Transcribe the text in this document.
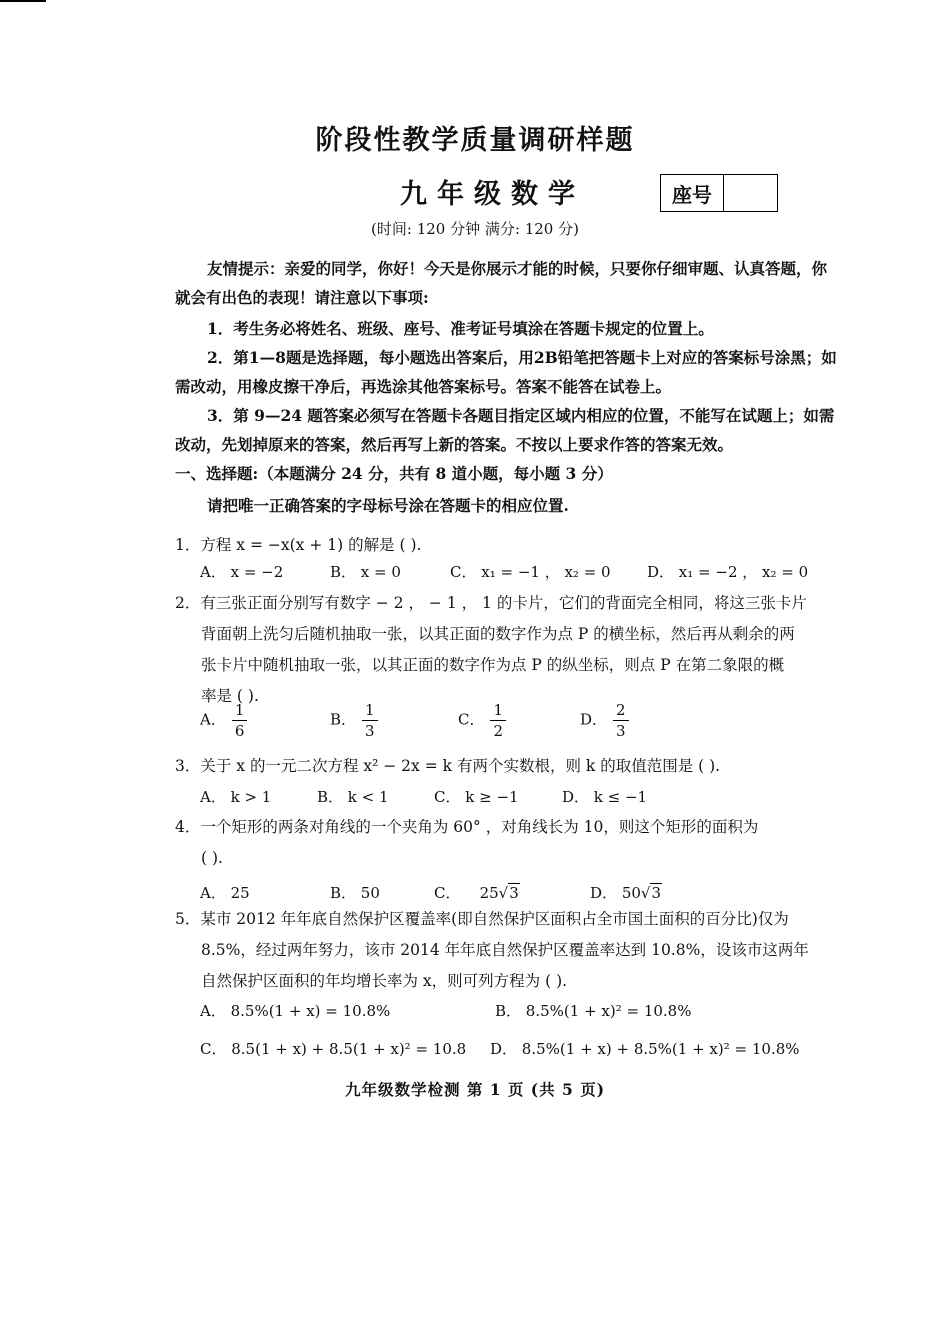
阶段性教学质量调研样题
九年级数学	座号
(时间: 120 分钟 满分: 120 分)
友情提示：亲爱的同学，你好！今天是你展示才能的时候，只要你仔细审题、认真答题，你就会有出色的表现！请注意以下事项:
1．考生务必将姓名、班级、座号、准考证号填涂在答题卡规定的位置上。
2．第1—8题是选择题，每小题选出答案后，用2B铅笔把答题卡上对应的答案标号涂黑；如需改动，用橡皮擦干净后，再选涂其他答案标号。答案不能答在试卷上。
3．第 9—24 题答案必须写在答题卡各题目指定区域内相应的位置，不能写在试题上；如需改动，先划掉原来的答案，然后再写上新的答案。不按以上要求作答的答案无效。
一、选择题:（本题满分 24 分，共有 8 道小题，每小题 3 分）
请把唯一正确答案的字母标号涂在答题卡的相应位置.
1．方程 x = −x(x + 1) 的解是 ( ).
A． x = −2	B． x = 0	C． x₁ = −1 ， x₂ = 0 D． x₁ = −2 ， x₂ = 0
2．有三张正面分别写有数字 − 2 ， − 1 ， 1 的卡片，它们的背面完全相同，将这三张卡片
背面朝上洗匀后随机抽取一张，以其正面的数字作为点 P 的横坐标，然后再从剩余的两
张卡片中随机抽取一张，以其正面的数字作为点 P 的纵坐标，则点 P 在第二象限的概
率是 ( ).
A． $\frac{1}{6}$	B． $\frac{1}{3}$	C． $\frac{1}{2}$	D． $\frac{2}{3}$
3．关于 x 的一元二次方程 x² − 2x = k 有两个实数根，则 k 的取值范围是 ( ).
A． k > 1	B． k < 1	C． k ≥ −1	D． k ≤ −1
4．一个矩形的两条对角线的一个夹角为 60° ，对角线长为 10，则这个矩形的面积为
( ).
A． 25	B． 50	C． 25√3	D． 50√3
5．某市 2012 年年底自然保护区覆盖率(即自然保护区面积占全市国土面积的百分比)仅为
8.5%，经过两年努力，该市 2014 年年底自然保护区覆盖率达到 10.8%，设该市这两年
自然保护区面积的年均增长率为 x，则可列方程为 ( ).
A． 8.5%(1 + x) = 10.8%	B． 8.5%(1 + x)² = 10.8%
C． 8.5(1 + x) + 8.5(1 + x)² = 10.8 D． 8.5%(1 + x) + 8.5%(1 + x)² = 10.8%
九年级数学检测 第 1 页 (共 5 页)
